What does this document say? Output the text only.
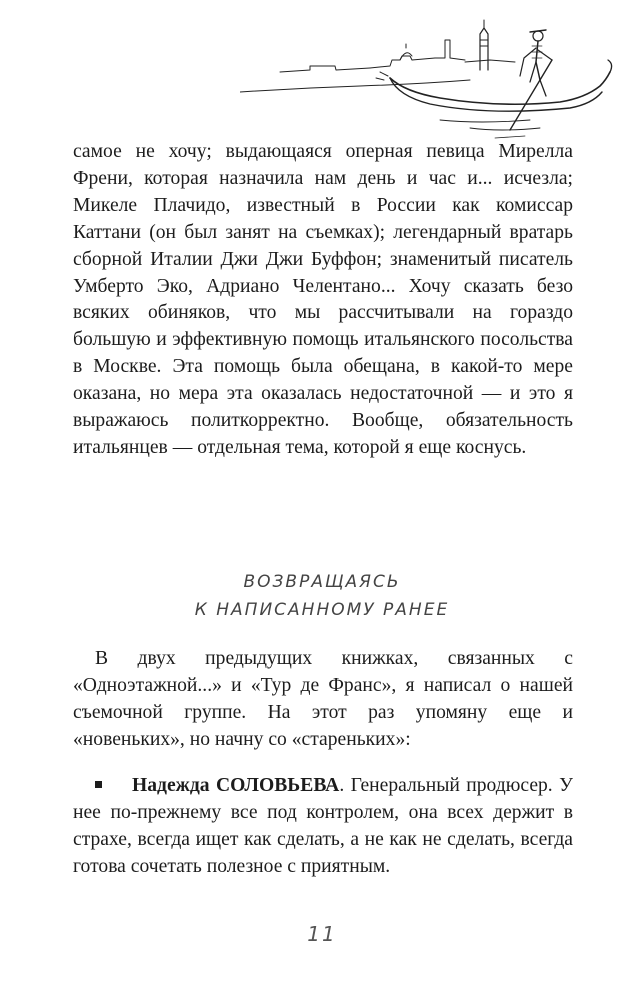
самое не хочу; выдающаяся оперная певица Мирелла Френи, которая назначила нам день и час и... исчезла; Микеле Плачидо, известный в России как комиссар Каттани (он был занят на съемках); легендарный вратарь сборной Италии Джи Джи Буффон; знаменитый писатель Умберто Эко, Адриано Челентано... Хочу сказать безо всяких обиняков, что мы рассчитывали на гораздо большую и эффективную помощь итальянского посольства в Москве. Эта помощь была обещана, в какой-то мере оказана, но мера эта оказалась недостаточной — и это я выражаюсь политкорректно. Вообще, обязательность итальянцев — отдельная тема, которой я еще коснусь.

ВОЗВРАЩАЯСЬ
К НАПИСАННОМУ РАНЕЕ

В двух предыдущих книжках, связанных с «Одноэтажной...» и «Тур де Франс», я написал о нашей съемочной группе. На этот раз упомяну еще и «новеньких», но начну со «стареньких»:

Надежда СОЛОВЬЕВА. Генеральный продюсер. У нее по-прежнему все под контролем, она всех держит в страхе, всегда ищет как сделать, а не как не сделать, всегда готова сочетать полезное с приятным.

11
